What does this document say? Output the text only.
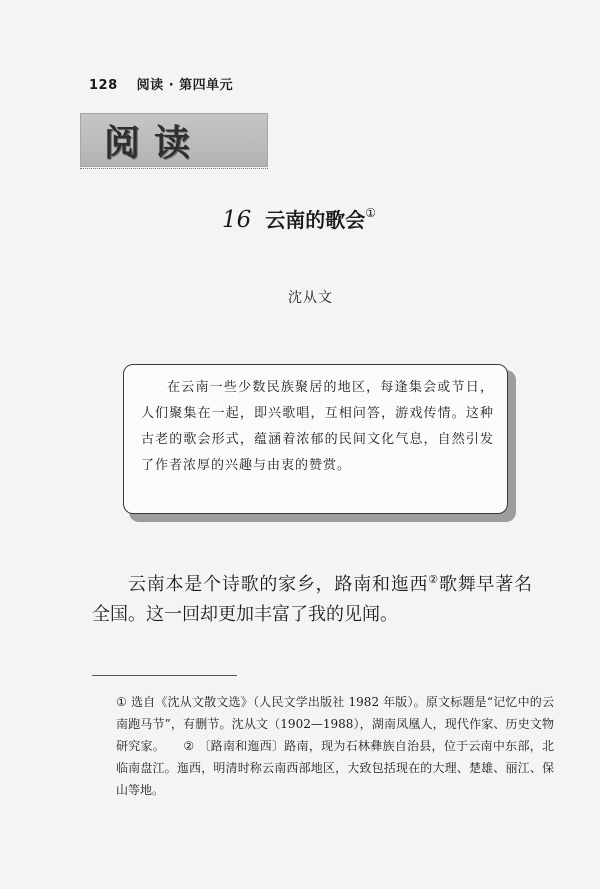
128 阅读 · 第四单元
阅读
16 云南的歌会①
沈从文

在云南一些少数民族聚居的地区，每逢集会或节日，人们聚集在一起，即兴歌唱，互相问答，游戏传情。这种古老的歌会形式，蕴涵着浓郁的民间文化气息，自然引发了作者浓厚的兴趣与由衷的赞赏。

云南本是个诗歌的家乡，路南和迤西②歌舞早著名全国。这一回却更加丰富了我的见闻。

① 选自《沈从文散文选》（人民文学出版社 1982 年版）。原文标题是“记忆中的云南跑马节”，有删节。沈从文（1902—1988），湖南凤凰人，现代作家、历史文物研究家。 ② 〔路南和迤西〕路南，现为石林彝族自治县，位于云南中东部，北临南盘江。迤西，明清时称云南西部地区，大致包括现在的大理、楚雄、丽江、保山等地。
